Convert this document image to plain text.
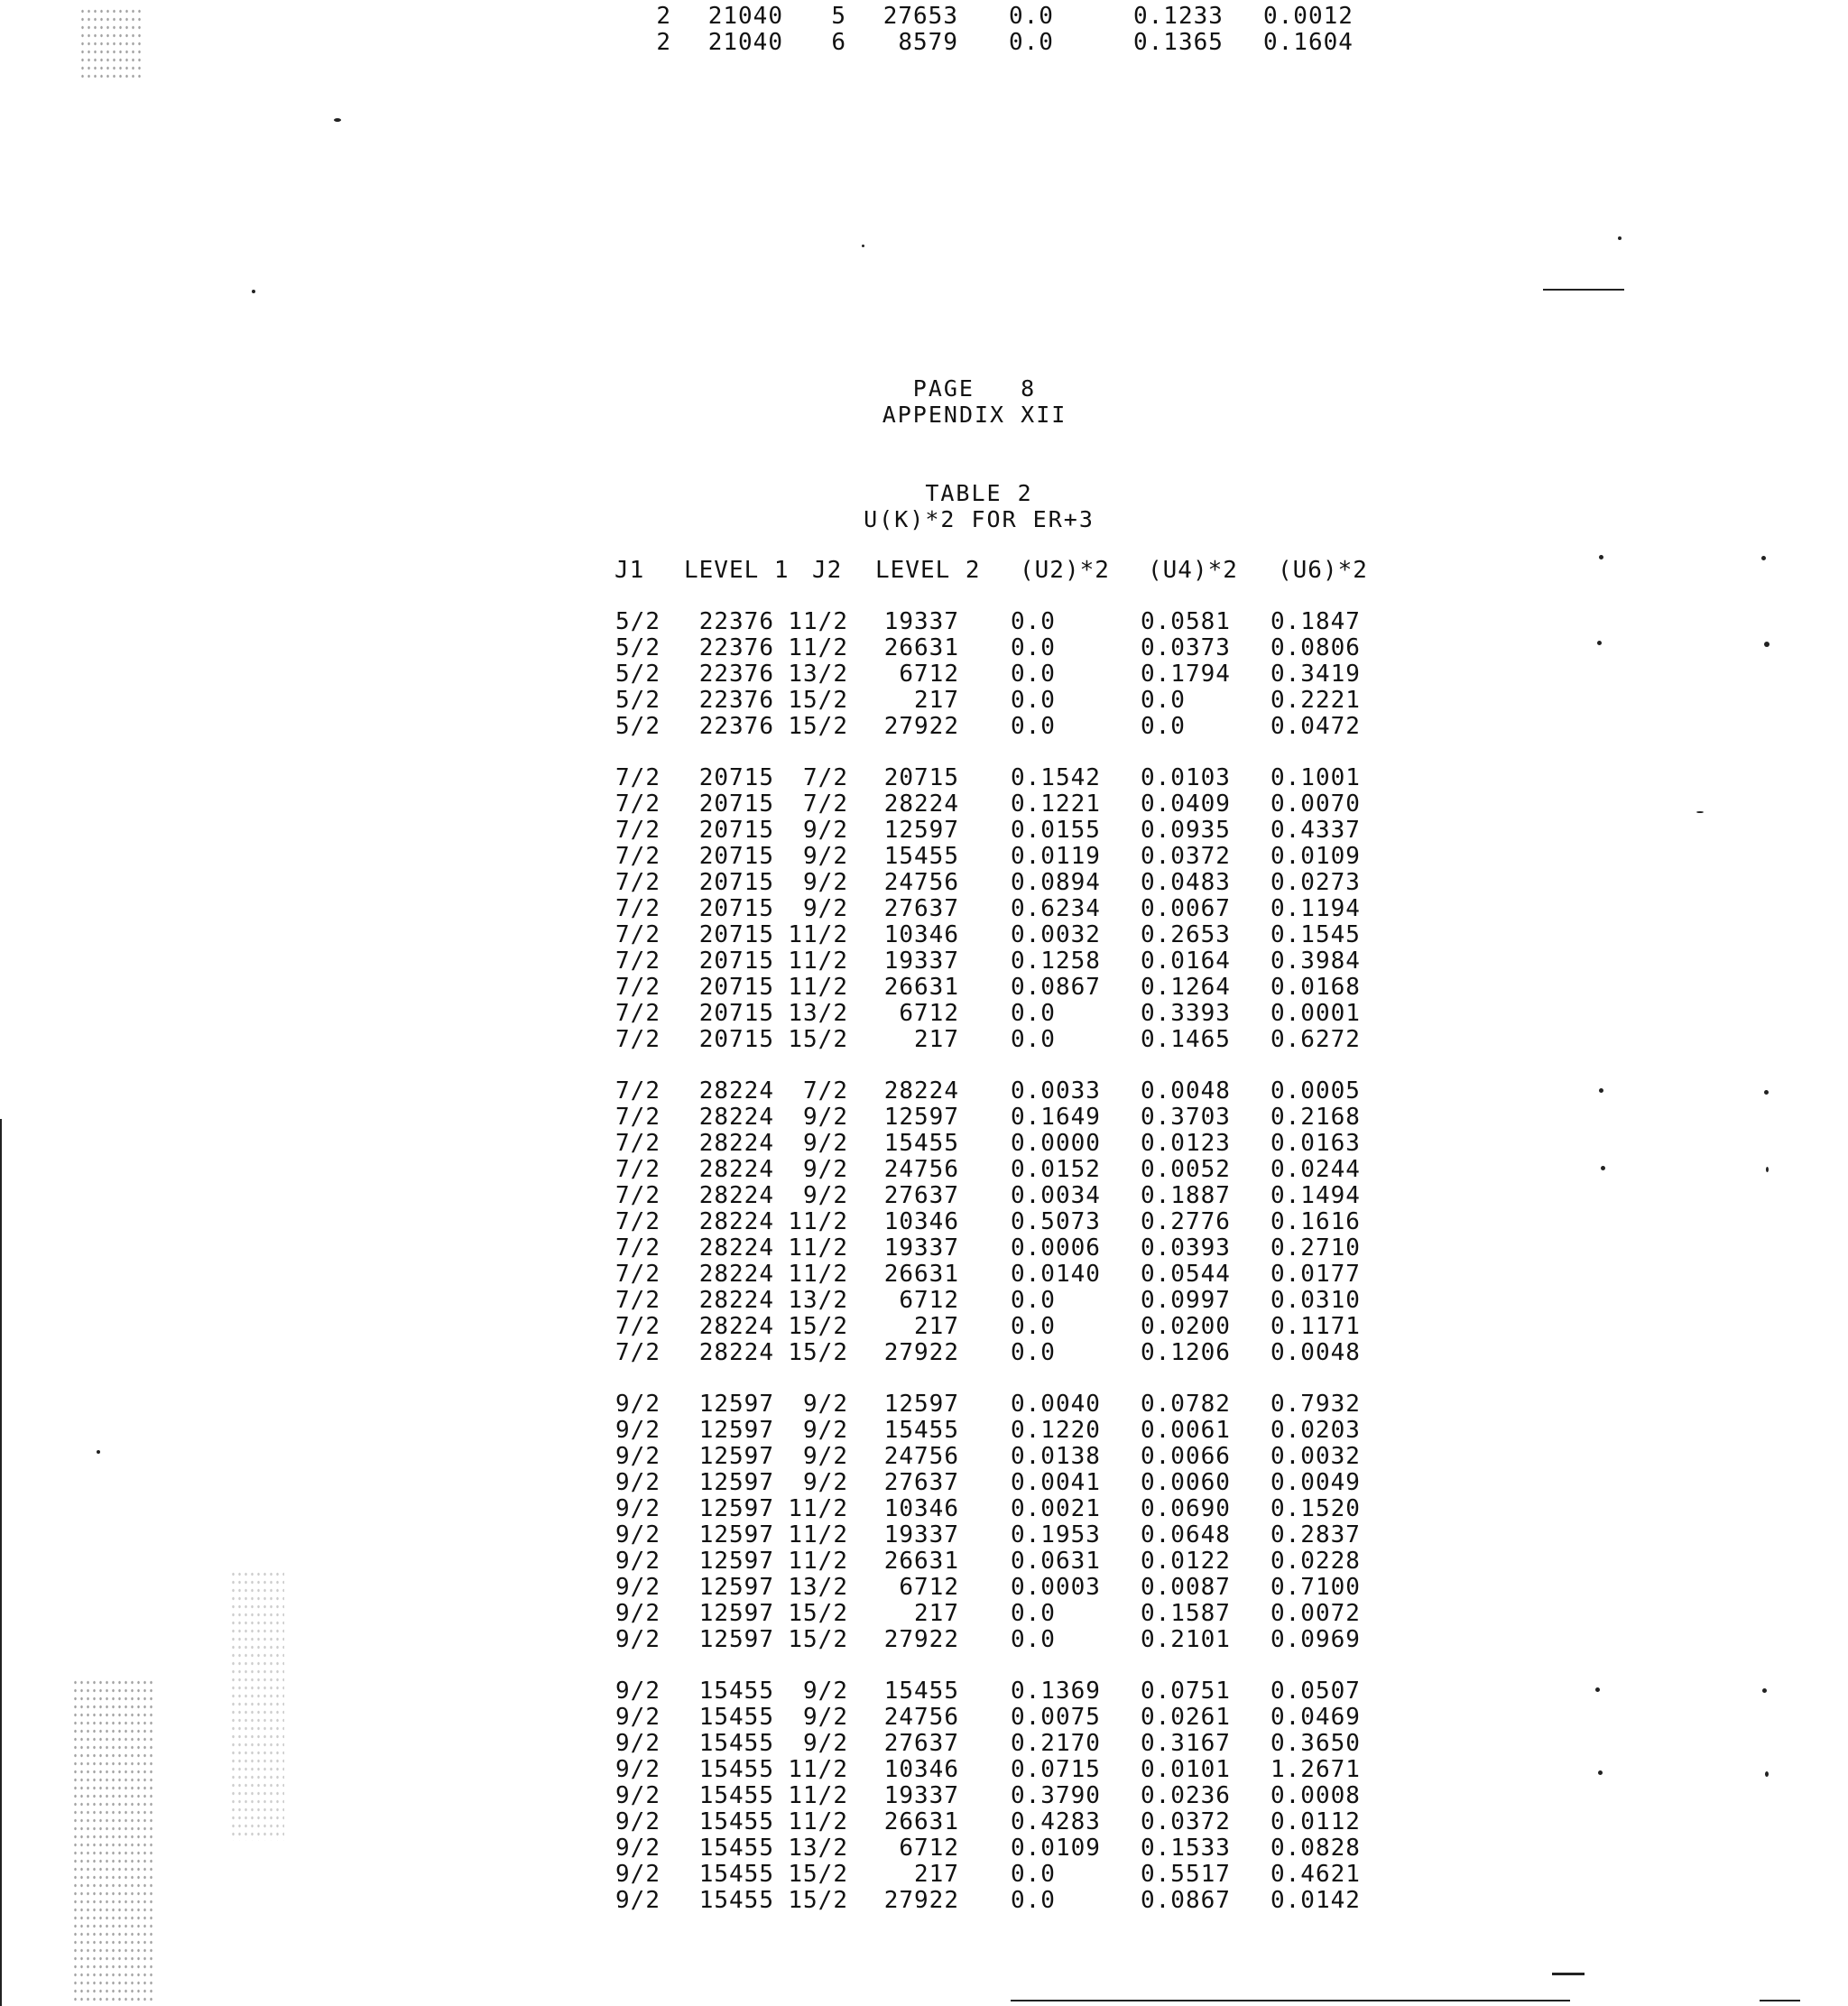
2 21040 5 27653 0.0	0.1233 0.0012
2 21040 6 8579 0.0	0.1365 0.1604
PAGE   8
APPENDIX XII
TABLE 2
U(K)*2 FOR ER+3
J1 LEVEL 1 J2 LEVEL 2 (U2)*2 (U4)*2 (U6)*2
5/2 22376 11/2 19337 0.0	0.0581 0.1847
5/2 22376 11/2 26631 0.0	0.0373 0.0806
5/2 22376 13/2 6712 0.0	0.1794 0.3419
5/2 22376 15/2	217 0.0	0.0	0.2221
5/2 22376 15/2 27922 0.0	0.0	0.0472
7/2 20715 7/2 20715 0.1542 0.0103 0.1001
7/2 20715 7/2 28224 0.1221 0.0409 0.0070
7/2 20715 9/2 12597 0.0155 0.0935 0.4337
7/2 20715 9/2 15455 0.0119 0.0372 0.0109
7/2 20715 9/2 24756 0.0894 0.0483 0.0273
7/2 20715 9/2 27637 0.6234 0.0067 0.1194
7/2 20715 11/2 10346 0.0032 0.2653 0.1545
7/2 20715 11/2 19337 0.1258 0.0164 0.3984
7/2 20715 11/2 26631 0.0867 0.1264 0.0168
7/2 20715 13/2 6712 0.0	0.3393 0.0001
7/2 20715 15/2	217 0.0	0.1465 0.6272
7/2 28224 7/2 28224 0.0033 0.0048 0.0005
7/2 28224 9/2 12597 0.1649 0.3703 0.2168
7/2 28224 9/2 15455 0.0000 0.0123 0.0163
7/2 28224 9/2 24756 0.0152 0.0052 0.0244
7/2 28224 9/2 27637 0.0034 0.1887 0.1494
7/2 28224 11/2 10346 0.5073 0.2776 0.1616
7/2 28224 11/2 19337 0.0006 0.0393 0.2710
7/2 28224 11/2 26631 0.0140 0.0544 0.0177
7/2 28224 13/2 6712 0.0	0.0997 0.0310
7/2 28224 15/2	217 0.0	0.0200 0.1171
7/2 28224 15/2 27922 0.0	0.1206 0.0048
9/2 12597 9/2 12597 0.0040 0.0782 0.7932
9/2 12597 9/2 15455 0.1220 0.0061 0.0203
9/2 12597 9/2 24756 0.0138 0.0066 0.0032
9/2 12597 9/2 27637 0.0041 0.0060 0.0049
9/2 12597 11/2 10346 0.0021 0.0690 0.1520
9/2 12597 11/2 19337 0.1953 0.0648 0.2837
9/2 12597 11/2 26631 0.0631 0.0122 0.0228
9/2 12597 13/2 6712 0.0003 0.0087 0.7100
9/2 12597 15/2	217 0.0	0.1587 0.0072
9/2 12597 15/2 27922 0.0	0.2101 0.0969
9/2 15455 9/2 15455 0.1369 0.0751 0.0507
9/2 15455 9/2 24756 0.0075 0.0261 0.0469
9/2 15455 9/2 27637 0.2170 0.3167 0.3650
9/2 15455 11/2 10346 0.0715 0.0101 1.2671
9/2 15455 11/2 19337 0.3790 0.0236 0.0008
9/2 15455 11/2 26631 0.4283 0.0372 0.0112
9/2 15455 13/2 6712 0.0109 0.1533 0.0828
9/2 15455 15/2	217 0.0	0.5517 0.4621
9/2 15455 15/2 27922 0.0	0.0867 0.0142
